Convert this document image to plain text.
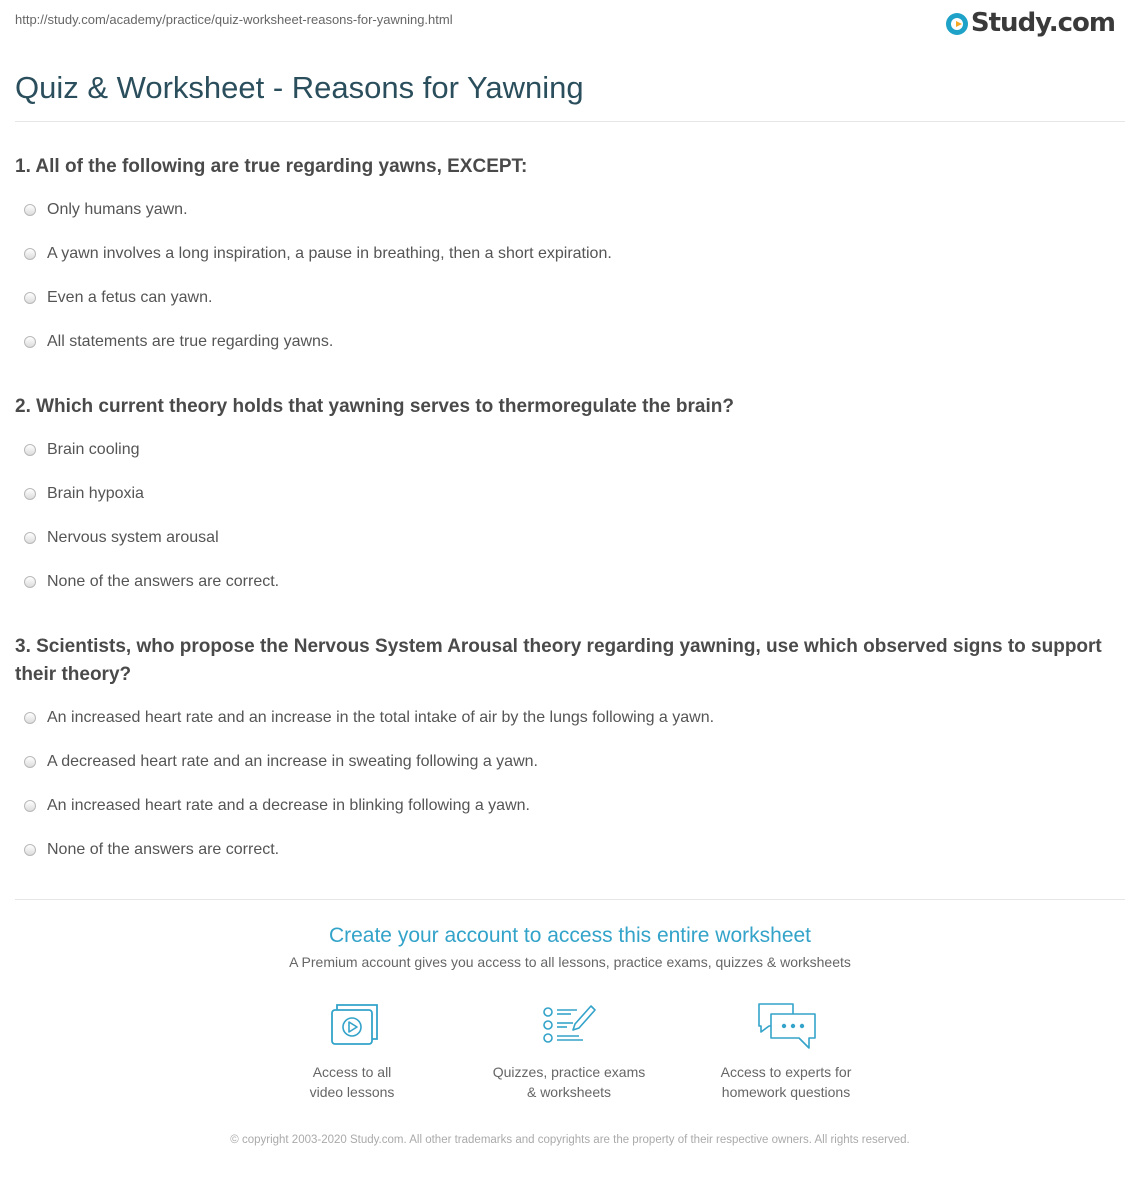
http://study.com/academy/practice/quiz-worksheet-reasons-for-yawning.html	Study.com
Quiz & Worksheet - Reasons for Yawning
1. All of the following are true regarding yawns, EXCEPT:
Only humans yawn.
A yawn involves a long inspiration, a pause in breathing, then a short expiration.
Even a fetus can yawn.
All statements are true regarding yawns.
2. Which current theory holds that yawning serves to thermoregulate the brain?
Brain cooling
Brain hypoxia
Nervous system arousal
None of the answers are correct.
3. Scientists, who propose the Nervous System Arousal theory regarding yawning, use which observed signs to support their theory?
An increased heart rate and an increase in the total intake of air by the lungs following a yawn.
A decreased heart rate and an increase in sweating following a yawn.
An increased heart rate and a decrease in blinking following a yawn.
None of the answers are correct.
Create your account to access this entire worksheet
A Premium account gives you access to all lessons, practice exams, quizzes & worksheets
Access to all
video lessons
Quizzes, practice exams
& worksheets
Access to experts for
homework questions
© copyright 2003-2020 Study.com. All other trademarks and copyrights are the property of their respective owners. All rights reserved.
